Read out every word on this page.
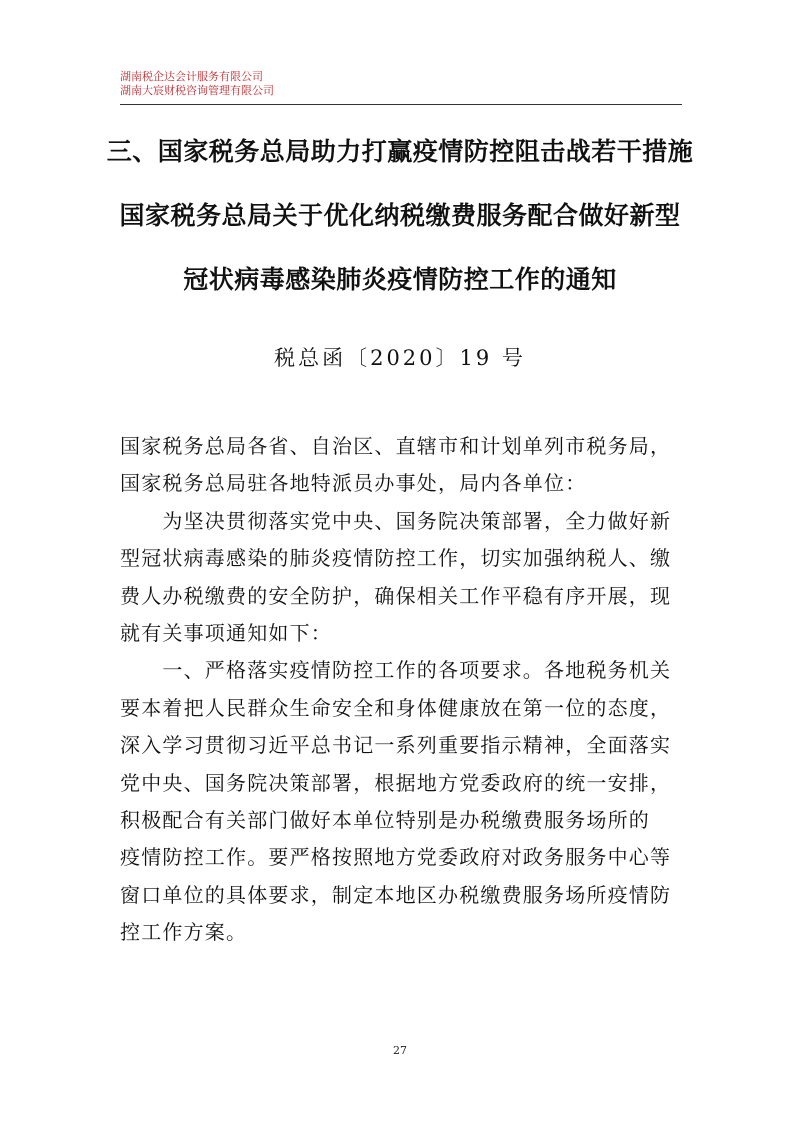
湖南税企达会计服务有限公司
湖南大宸财税咨询管理有限公司
三、国家税务总局助力打赢疫情防控阻击战若干措施
国家税务总局关于优化纳税缴费服务配合做好新型
冠状病毒感染肺炎疫情防控工作的通知
税总函〔2020〕19 号
国家税务总局各省、自治区、直辖市和计划单列市税务局，
国家税务总局驻各地特派员办事处，局内各单位：
　　为坚决贯彻落实党中央、国务院决策部署，全力做好新
型冠状病毒感染的肺炎疫情防控工作，切实加强纳税人、缴
费人办税缴费的安全防护，确保相关工作平稳有序开展，现
就有关事项通知如下：
　　一、严格落实疫情防控工作的各项要求。各地税务机关
要本着把人民群众生命安全和身体健康放在第一位的态度，
深入学习贯彻习近平总书记一系列重要指示精神，全面落实
党中央、国务院决策部署，根据地方党委政府的统一安排，
积极配合有关部门做好本单位特别是办税缴费服务场所的
疫情防控工作。要严格按照地方党委政府对政务服务中心等
窗口单位的具体要求，制定本地区办税缴费服务场所疫情防
控工作方案。
27
